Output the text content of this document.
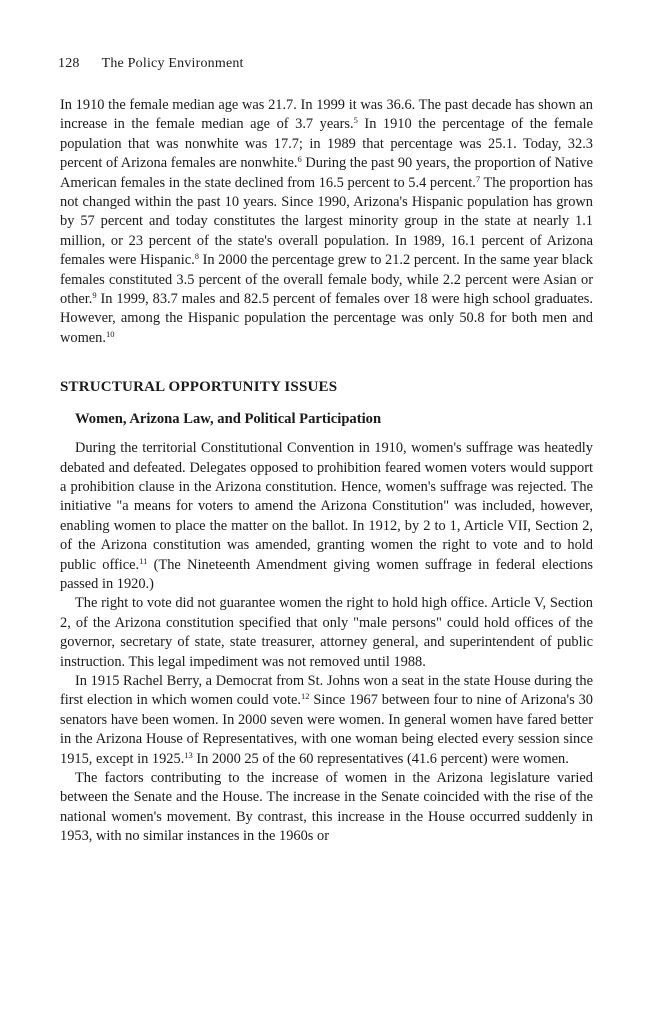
128 The Policy Environment

In 1910 the female median age was 21.7. In 1999 it was 36.6. The past decade has shown an increase in the female median age of 3.7 years.$^5$ In 1910 the percentage of the female population that was nonwhite was 17.7; in 1989 that percentage was 25.1. Today, 32.3 percent of Arizona females are nonwhite.$^6$ During the past 90 years, the proportion of Native American females in the state declined from 16.5 percent to 5.4 percent.$^7$ The proportion has not changed within the past 10 years. Since 1990, Arizona's Hispanic population has grown by 57 percent and today constitutes the largest minority group in the state at nearly 1.1 million, or 23 percent of the state's overall population. In 1989, 16.1 percent of Arizona females were Hispanic.$^8$ In 2000 the percentage grew to 21.2 percent. In the same year black females constituted 3.5 percent of the overall female body, while 2.2 percent were Asian or other.$^9$ In 1999, 83.7 males and 82.5 percent of females over 18 were high school graduates. However, among the Hispanic population the percentage was only 50.8 for both men and women.$^{10}$

STRUCTURAL OPPORTUNITY ISSUES
Women, Arizona Law, and Political Participation

During the territorial Constitutional Convention in 1910, women's suffrage was heatedly debated and defeated. Delegates opposed to prohibition feared women voters would support a prohibition clause in the Arizona constitution. Hence, women's suffrage was rejected. The initiative "a means for voters to amend the Arizona Constitution" was included, however, enabling women to place the matter on the ballot. In 1912, by 2 to 1, Article VII, Section 2, of the Arizona constitution was amended, granting women the right to vote and to hold public office.$^{11}$ (The Nineteenth Amendment giving women suffrage in federal elections passed in 1920.)

The right to vote did not guarantee women the right to hold high office. Article V, Section 2, of the Arizona constitution specified that only "male persons" could hold offices of the governor, secretary of state, state treasurer, attorney general, and superintendent of public instruction. This legal impediment was not removed until 1988.

In 1915 Rachel Berry, a Democrat from St. Johns won a seat in the state House during the first election in which women could vote.$^{12}$ Since 1967 between four to nine of Arizona's 30 senators have been women. In 2000 seven were women. In general women have fared better in the Arizona House of Representatives, with one woman being elected every session since 1915, except in 1925.13 In 2000 25 of the 60 representatives (41.6 percent) were women.

The factors contributing to the increase of women in the Arizona legislature varied between the Senate and the House. The increase in the Senate coincided with the rise of the national women's movement. By contrast, this increase in the House occurred suddenly in 1953, with no similar instances in the 1960s or
